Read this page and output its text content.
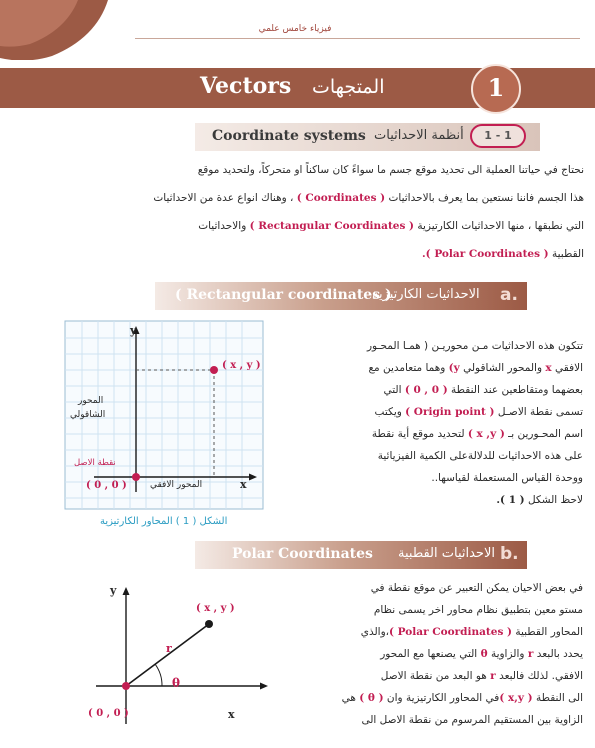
فيزياء خامس علمي
Vectors المتجهات	1
Coordinate systems أنظمة الاحداثيات	1 - 1
نحتاج في حياتنا العملية الى تحديد موقع جسم ما سواءً كان ساكناً او متحركاً، ولتحديد موقع
هذا الجسم فاننا نستعين بما يعرف بالاحداثيات ( Coordinates ) ، وهناك انواع عدة من الاحداثيات
التي نطبقها ، منها الاحداثيات الكارتيزية ( Rectangular Coordinates ) والاحداثيات
القطبية ( Polar Coordinates ).
( Rectangular coordinates )
الاحداثيات الكارتيزية a.
y
x
( x , y )
( 0 , 0 )
المحور
الشاقولي
نقطة الاصل
المحور الافقي
الشكل ( 1 ) المحاور الكارتيزية
تتكون هذه الاحداثيات مـن محوريـن ( همـا المحـور
الافقي x والمحور الشاقولي y) وهما متعامدين مع
بعضهما ومتقاطعين عند النقطة ( 0 , 0 ) التي
تسمى نقطة الاصـل ( Origin point ) ويكتب
اسم المحـورين بـ ( x ,y ) لتحديد موقع أية نقطة
على هذه الاحداثيات للدلالةعلى الكمية الفيزيائية
ووحدة القياس المستعملة لقياسها..
لاحظ الشكل ( 1 ).
Polar Coordinates الاحداثيات القطبية b.
y
x
( x , y )
( 0 , 0 )
r
θ
في بعض الاحيان يمكن التعبير عن موقع نقطة في
مستو معين بتطبيق نظام محاور اخر يسمى نظام
المحاور القطبية ( Polar Coordinates )،والذي
يحدد بالبعد r والزاوية θ التي يصنعها مع المحور
الافقي. لذلك فالبعد r هو البعد من نقطة الاصل
الى النقطة ( x,y )في المحاور الكارتيزية وان ( θ ) هي
الزاوية بين المستقيم المرسوم من نقطة الاصل الى
